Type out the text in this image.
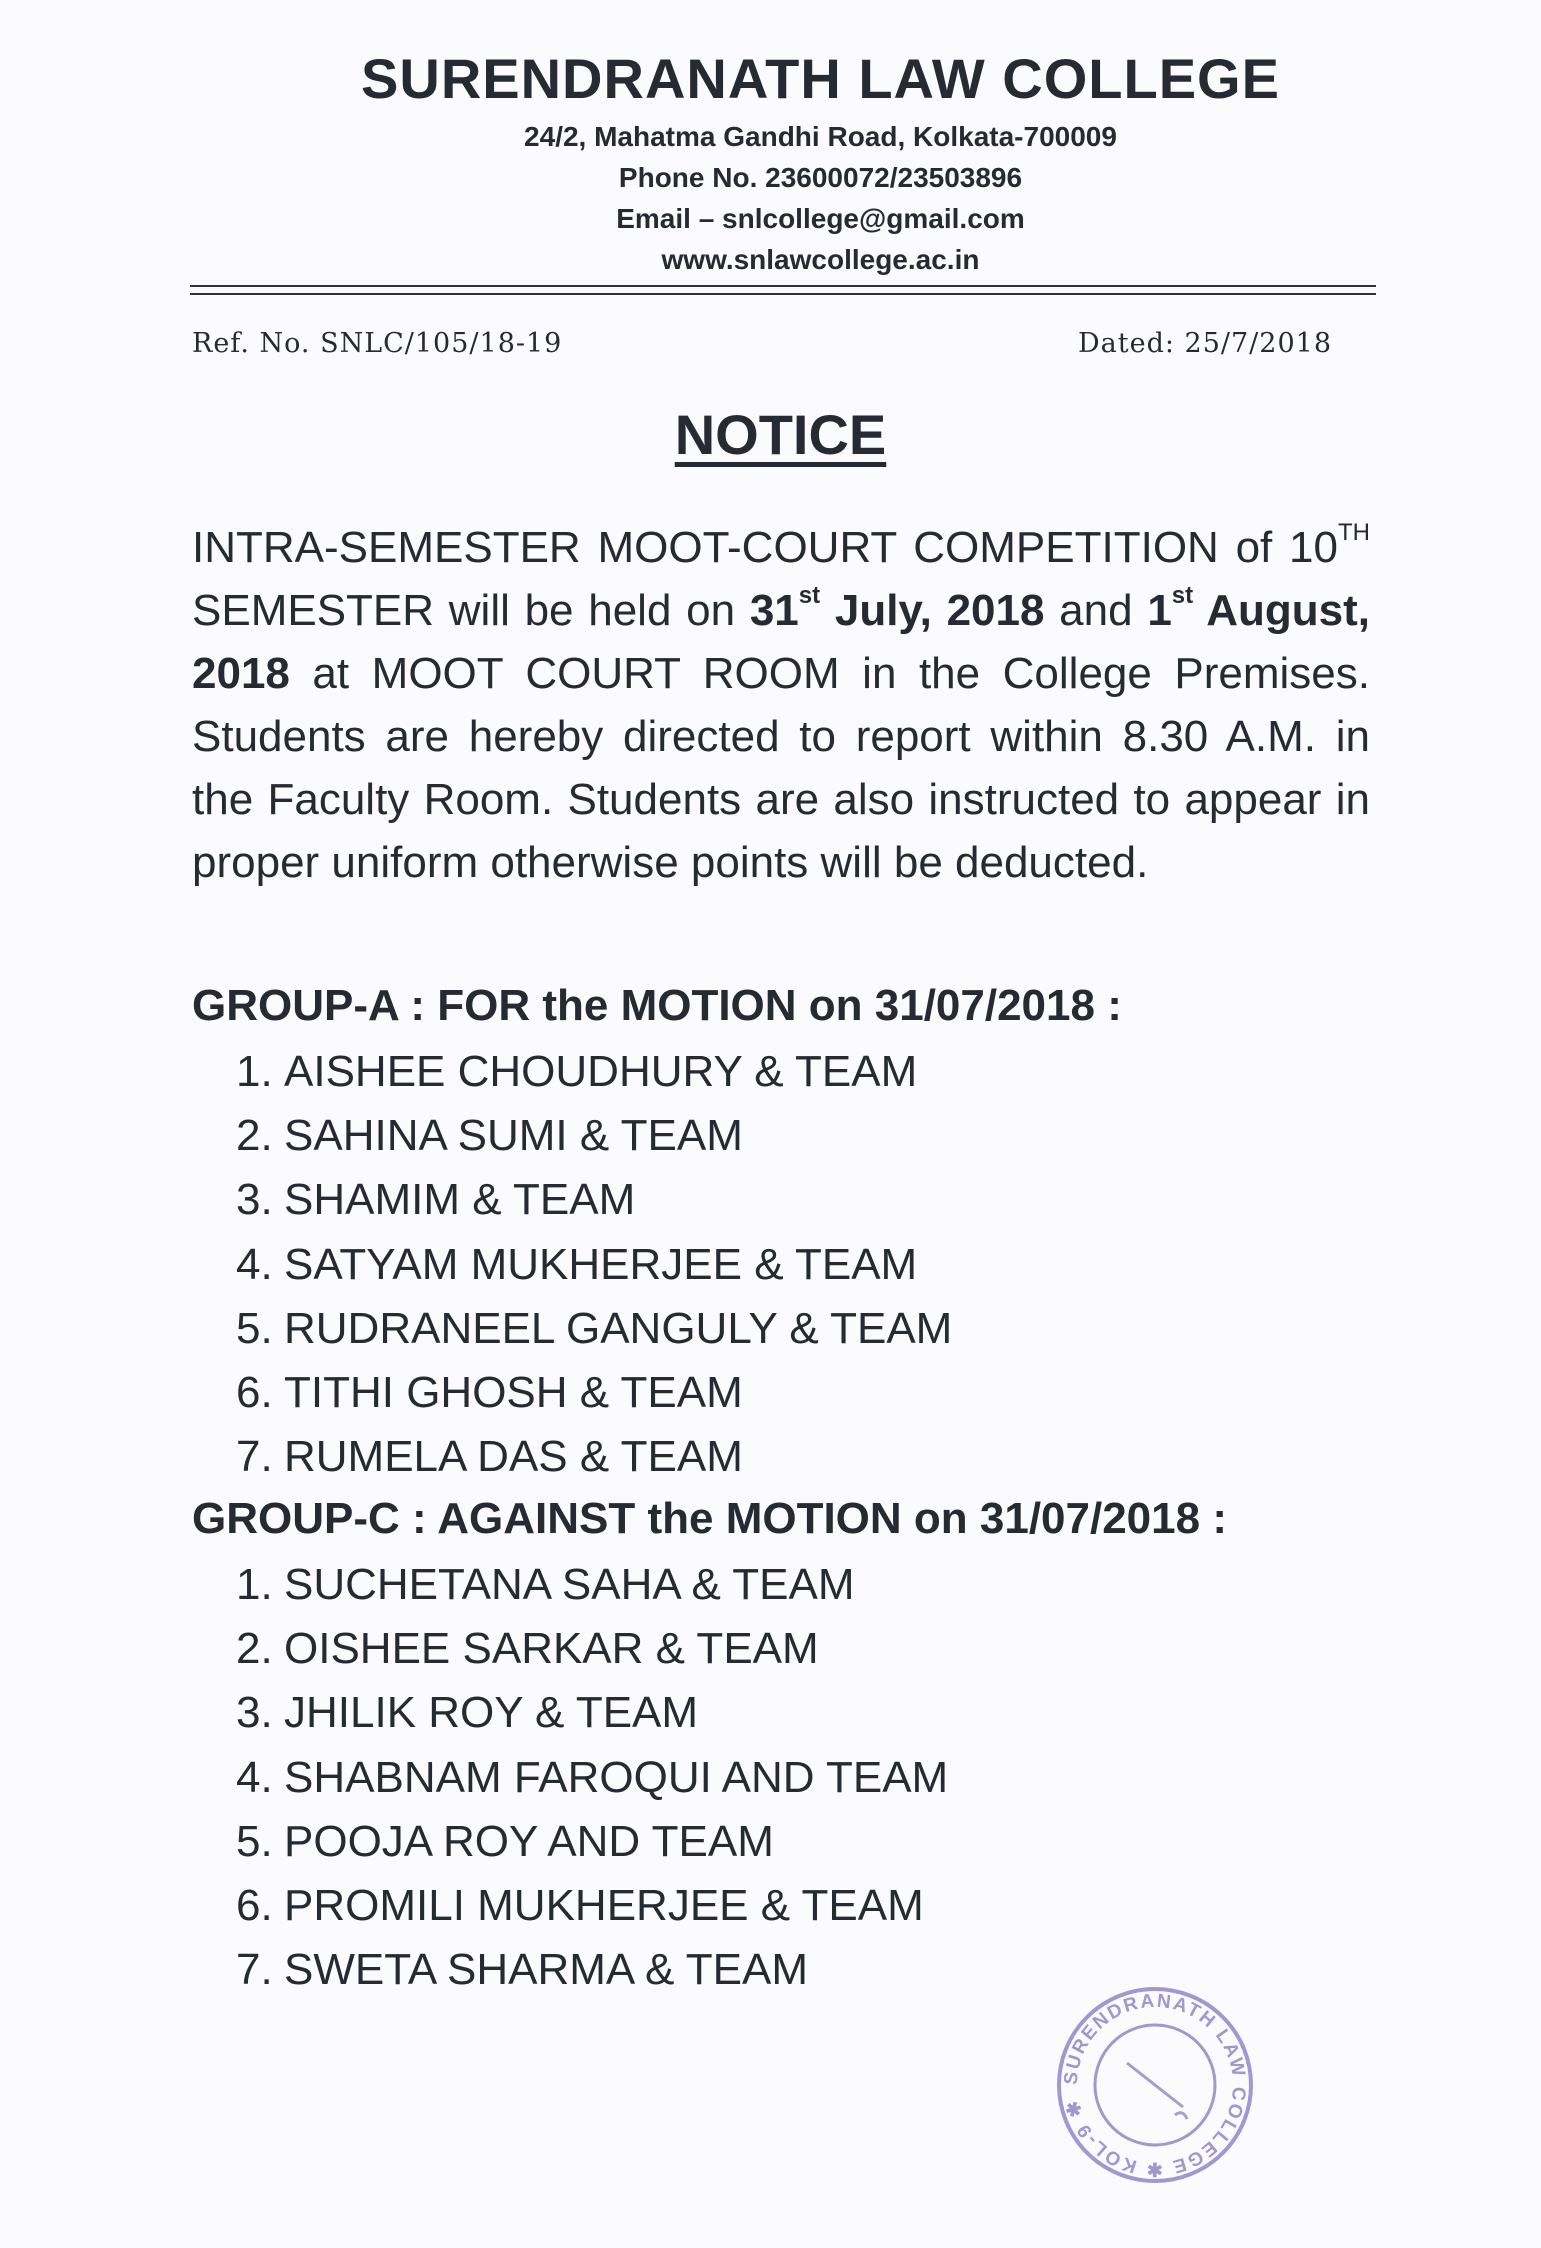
SURENDRANATH LAW COLLEGE
24/2, Mahatma Gandhi Road, Kolkata-700009
Phone No. 23600072/23503896
Email – snlcollege@gmail.com
www.snlawcollege.ac.in
Ref. No. SNLC/105/18-19	Dated: 25/7/2018
NOTICE
INTRA-SEMESTER MOOT-COURT COMPETITION of 10TH SEMESTER will be held on 31st July, 2018 and 1st August, 2018 at MOOT COURT ROOM in the College Premises. Students are hereby directed to report within 8.30 A.M. in the Faculty Room. Students are also instructed to appear in proper uniform otherwise points will be deducted.
GROUP-A : FOR the MOTION on 31/07/2018 :
1. AISHEE CHOUDHURY & TEAM
2. SAHINA SUMI & TEAM
3. SHAMIM & TEAM
4. SATYAM MUKHERJEE & TEAM
5. RUDRANEEL GANGULY & TEAM
6. TITHI GHOSH & TEAM
7. RUMELA DAS & TEAM
GROUP-C : AGAINST the MOTION on 31/07/2018 :
1. SUCHETANA SAHA & TEAM
2. OISHEE SARKAR & TEAM
3. JHILIK ROY & TEAM
4. SHABNAM FAROQUI AND TEAM
5. POOJA ROY AND TEAM
6. PROMILI MUKHERJEE & TEAM
7. SWETA SHARMA & TEAM
SURENDRANATH LAW COLLEGE ✱ KOL-9 ✱
